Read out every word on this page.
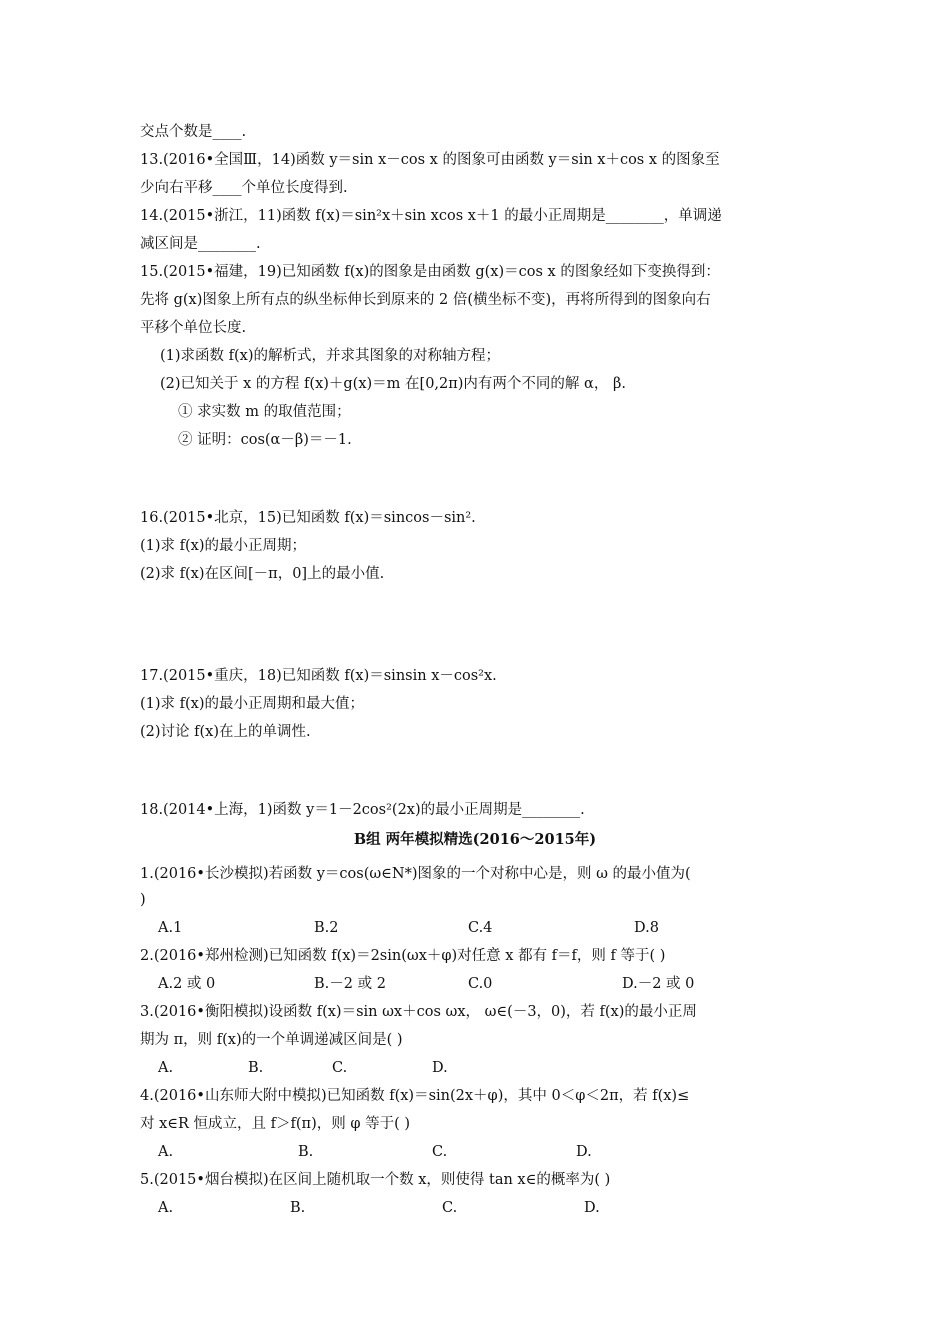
交点个数是____.
13.(2016•全国Ⅲ，14)函数 y＝sin x－cos x 的图象可由函数 y＝sin x＋cos x 的图象至
少向右平移____个单位长度得到.
14.(2015•浙江，11)函数 f(x)＝sin²x＋sin xcos x＋1 的最小正周期是________，单调递
减区间是________.
15.(2015•福建，19)已知函数 f(x)的图象是由函数 g(x)＝cos x 的图象经如下变换得到：
先将 g(x)图象上所有点的纵坐标伸长到原来的 2 倍(横坐标不变)，再将所得到的图象向右
平移个单位长度.
(1)求函数 f(x)的解析式，并求其图象的对称轴方程；
(2)已知关于 x 的方程 f(x)＋g(x)＝m 在[0,2π)内有两个不同的解 α， β.
① 求实数 m 的取值范围；
② 证明：cos(α－β)＝－1.
16.(2015•北京，15)已知函数 f(x)＝sincos－sin².
(1)求 f(x)的最小正周期；
(2)求 f(x)在区间[－π，0]上的最小值.
17.(2015•重庆，18)已知函数 f(x)＝sinsin x－cos²x.
(1)求 f(x)的最小正周期和最大值；
(2)讨论 f(x)在上的单调性.
18.(2014•上海，1)函数 y＝1－2cos²(2x)的最小正周期是________.
B组 两年模拟精选(2016～2015年)
1.(2016•长沙模拟)若函数 y＝cos(ω∈N*)图象的一个对称中心是，则 ω 的最小值为(
)
A.1	B.2	C.4	D.8
2.(2016•郑州检测)已知函数 f(x)＝2sin(ωx＋φ)对任意 x 都有 f＝f，则 f 等于( )
A.2 或 0	B.－2 或 2	C.0	D.－2 或 0
3.(2016•衡阳模拟)设函数 f(x)＝sin ωx＋cos ωx， ω∈(－3，0)，若 f(x)的最小正周
期为 π，则 f(x)的一个单调递减区间是( )
A.	B.	C.	D.
4.(2016•山东师大附中模拟)已知函数 f(x)＝sin(2x＋φ)，其中 0＜φ＜2π，若 f(x)≤
对 x∈R 恒成立，且 f＞f(π)，则 φ 等于( )
A.	B.	C.	D.
5.(2015•烟台模拟)在区间上随机取一个数 x，则使得 tan x∈的概率为( )
A.	B.	C.	D.
